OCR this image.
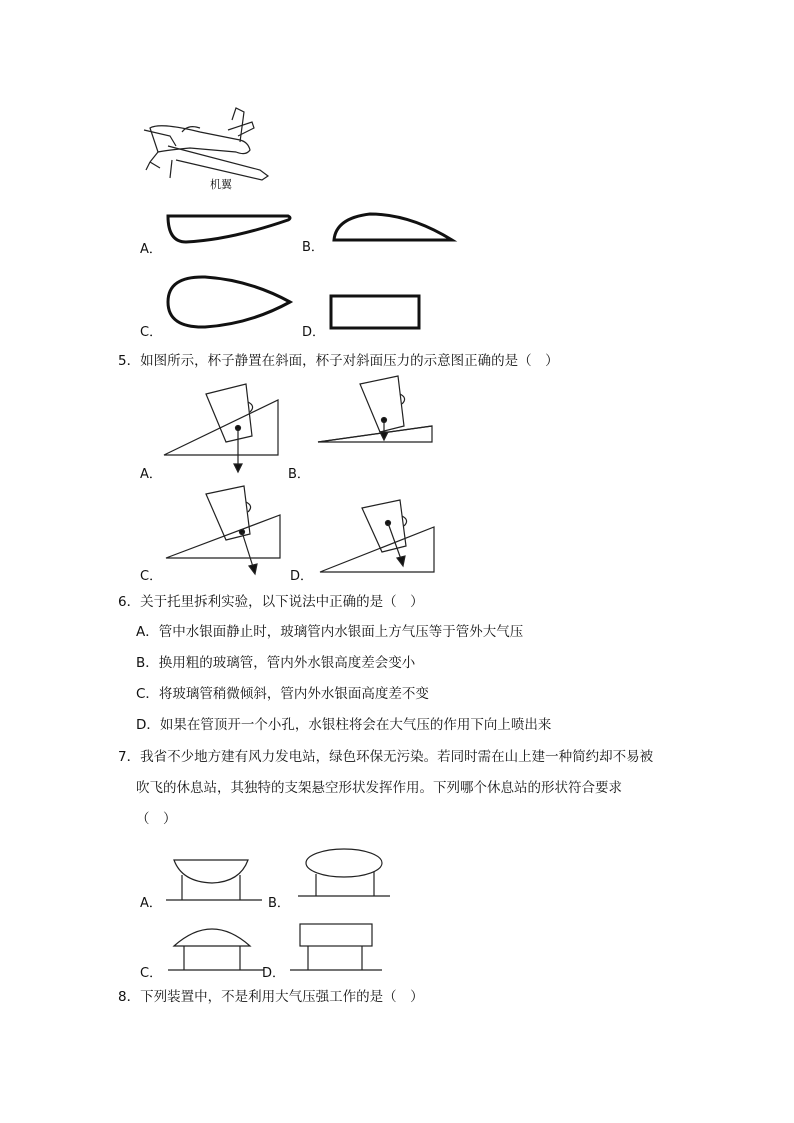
机翼
A．	B．
C．	D．
5．如图所示，杯子静置在斜面，杯子对斜面压力的示意图正确的是（　）
A．	B．
C．	D．
6．关于托里拆利实验，以下说法中正确的是（　）
A．管中水银面静止时，玻璃管内水银面上方气压等于管外大气压
B．换用粗的玻璃管，管内外水银高度差会变小
C．将玻璃管稍微倾斜，管内外水银面高度差不变
D．如果在管顶开一个小孔，水银柱将会在大气压的作用下向上喷出来
7．我省不少地方建有风力发电站，绿色环保无污染。若同时需在山上建一种简约却不易被
吹飞的休息站，其独特的支架悬空形状发挥作用。下列哪个休息站的形状符合要求
（　）
A．	B．
C．	D．
8．下列装置中，不是利用大气压强工作的是（　）
